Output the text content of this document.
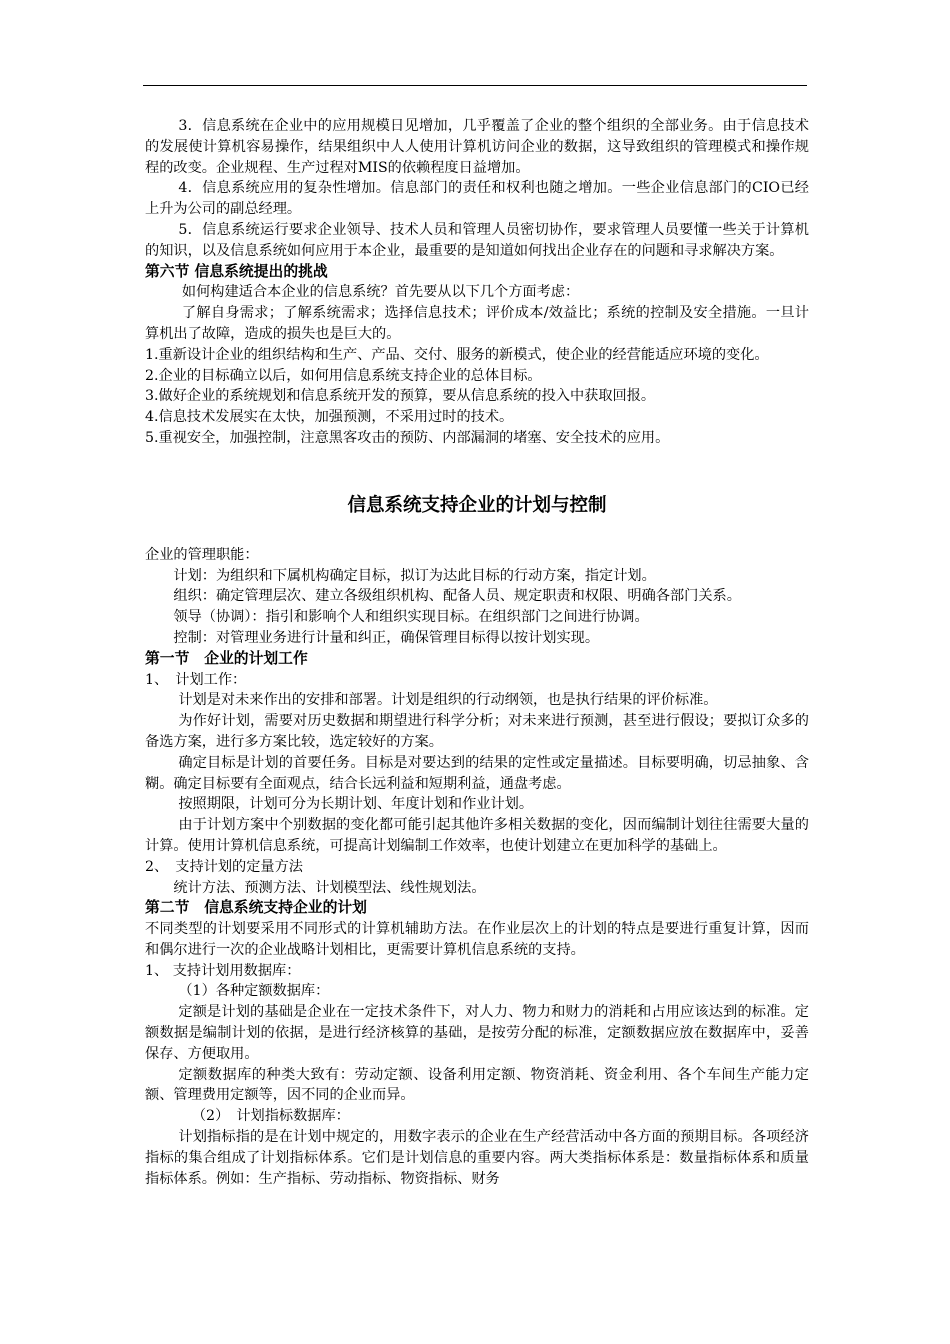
3．信息系统在企业中的应用规模日见增加，几乎覆盖了企业的整个组织的全部业务。由于信息技术的发展使计算机容易操作，结果组织中人人使用计算机访问企业的数据，这导致组织的管理模式和操作规程的改变。企业规程、生产过程对MIS的依赖程度日益增加。

4．信息系统应用的复杂性增加。信息部门的责任和权利也随之增加。一些企业信息部门的CIO已经上升为公司的副总经理。

5．信息系统运行要求企业领导、技术人员和管理人员密切协作，要求管理人员要懂一些关于计算机的知识，以及信息系统如何应用于本企业，最重要的是知道如何找出企业存在的问题和寻求解决方案。

第六节 信息系统提出的挑战

如何构建适合本企业的信息系统？首先要从以下几个方面考虑：

了解自身需求；了解系统需求；选择信息技术；评价成本/效益比；系统的控制及安全措施。一旦计算机出了故障，造成的损失也是巨大的。

1.重新设计企业的组织结构和生产、产品、交付、服务的新模式，使企业的经营能适应环境的变化。

2.企业的目标确立以后，如何用信息系统支持企业的总体目标。

3.做好企业的系统规划和信息系统开发的预算，要从信息系统的投入中获取回报。

4.信息技术发展实在太快，加强预测，不采用过时的技术。

5.重视安全，加强控制，注意黑客攻击的预防、内部漏洞的堵塞、安全技术的应用。

信息系统支持企业的计划与控制

企业的管理职能：

计划：为组织和下属机构确定目标，拟订为达此目标的行动方案，指定计划。

组织：确定管理层次、建立各级组织机构、配备人员、规定职责和权限、明确各部门关系。

领导（协调）：指引和影响个人和组织实现目标。在组织部门之间进行协调。

控制：对管理业务进行计量和纠正，确保管理目标得以按计划实现。

第一节　企业的计划工作

1、　计划工作：

计划是对未来作出的安排和部署。计划是组织的行动纲领，也是执行结果的评价标准。

为作好计划，需要对历史数据和期望进行科学分析；对未来进行预测，甚至进行假设；要拟订众多的备选方案，进行多方案比较，选定较好的方案。

确定目标是计划的首要任务。目标是对要达到的结果的定性或定量描述。目标要明确，切忌抽象、含糊。确定目标要有全面观点，结合长远利益和短期利益，通盘考虑。

按照期限，计划可分为长期计划、年度计划和作业计划。

由于计划方案中个别数据的变化都可能引起其他许多相关数据的变化，因而编制计划往往需要大量的计算。使用计算机信息系统，可提高计划编制工作效率，也使计划建立在更加科学的基础上。

2、　支持计划的定量方法

统计方法、预测方法、计划模型法、线性规划法。

第二节　信息系统支持企业的计划

不同类型的计划要采用不同形式的计算机辅助方法。在作业层次上的计划的特点是要进行重复计算，因而和偶尔进行一次的企业战略计划相比，更需要计算机信息系统的支持。

1、 支持计划用数据库：

（1）各种定额数据库：

定额是计划的基础是企业在一定技术条件下，对人力、物力和财力的消耗和占用应该达到的标准。定额数据是编制计划的依据，是进行经济核算的基础，是按劳分配的标准，定额数据应放在数据库中，妥善保存、方便取用。

定额数据库的种类大致有：劳动定额、设备利用定额、物资消耗、资金利用、各个车间生产能力定额、管理费用定额等，因不同的企业而异。

（2）　计划指标数据库：

计划指标指的是在计划中规定的，用数字表示的企业在生产经营活动中各方面的预期目标。各项经济指标的集合组成了计划指标体系。它们是计划信息的重要内容。两大类指标体系是：数量指标体系和质量指标体系。例如：生产指标、劳动指标、物资指标、财务
